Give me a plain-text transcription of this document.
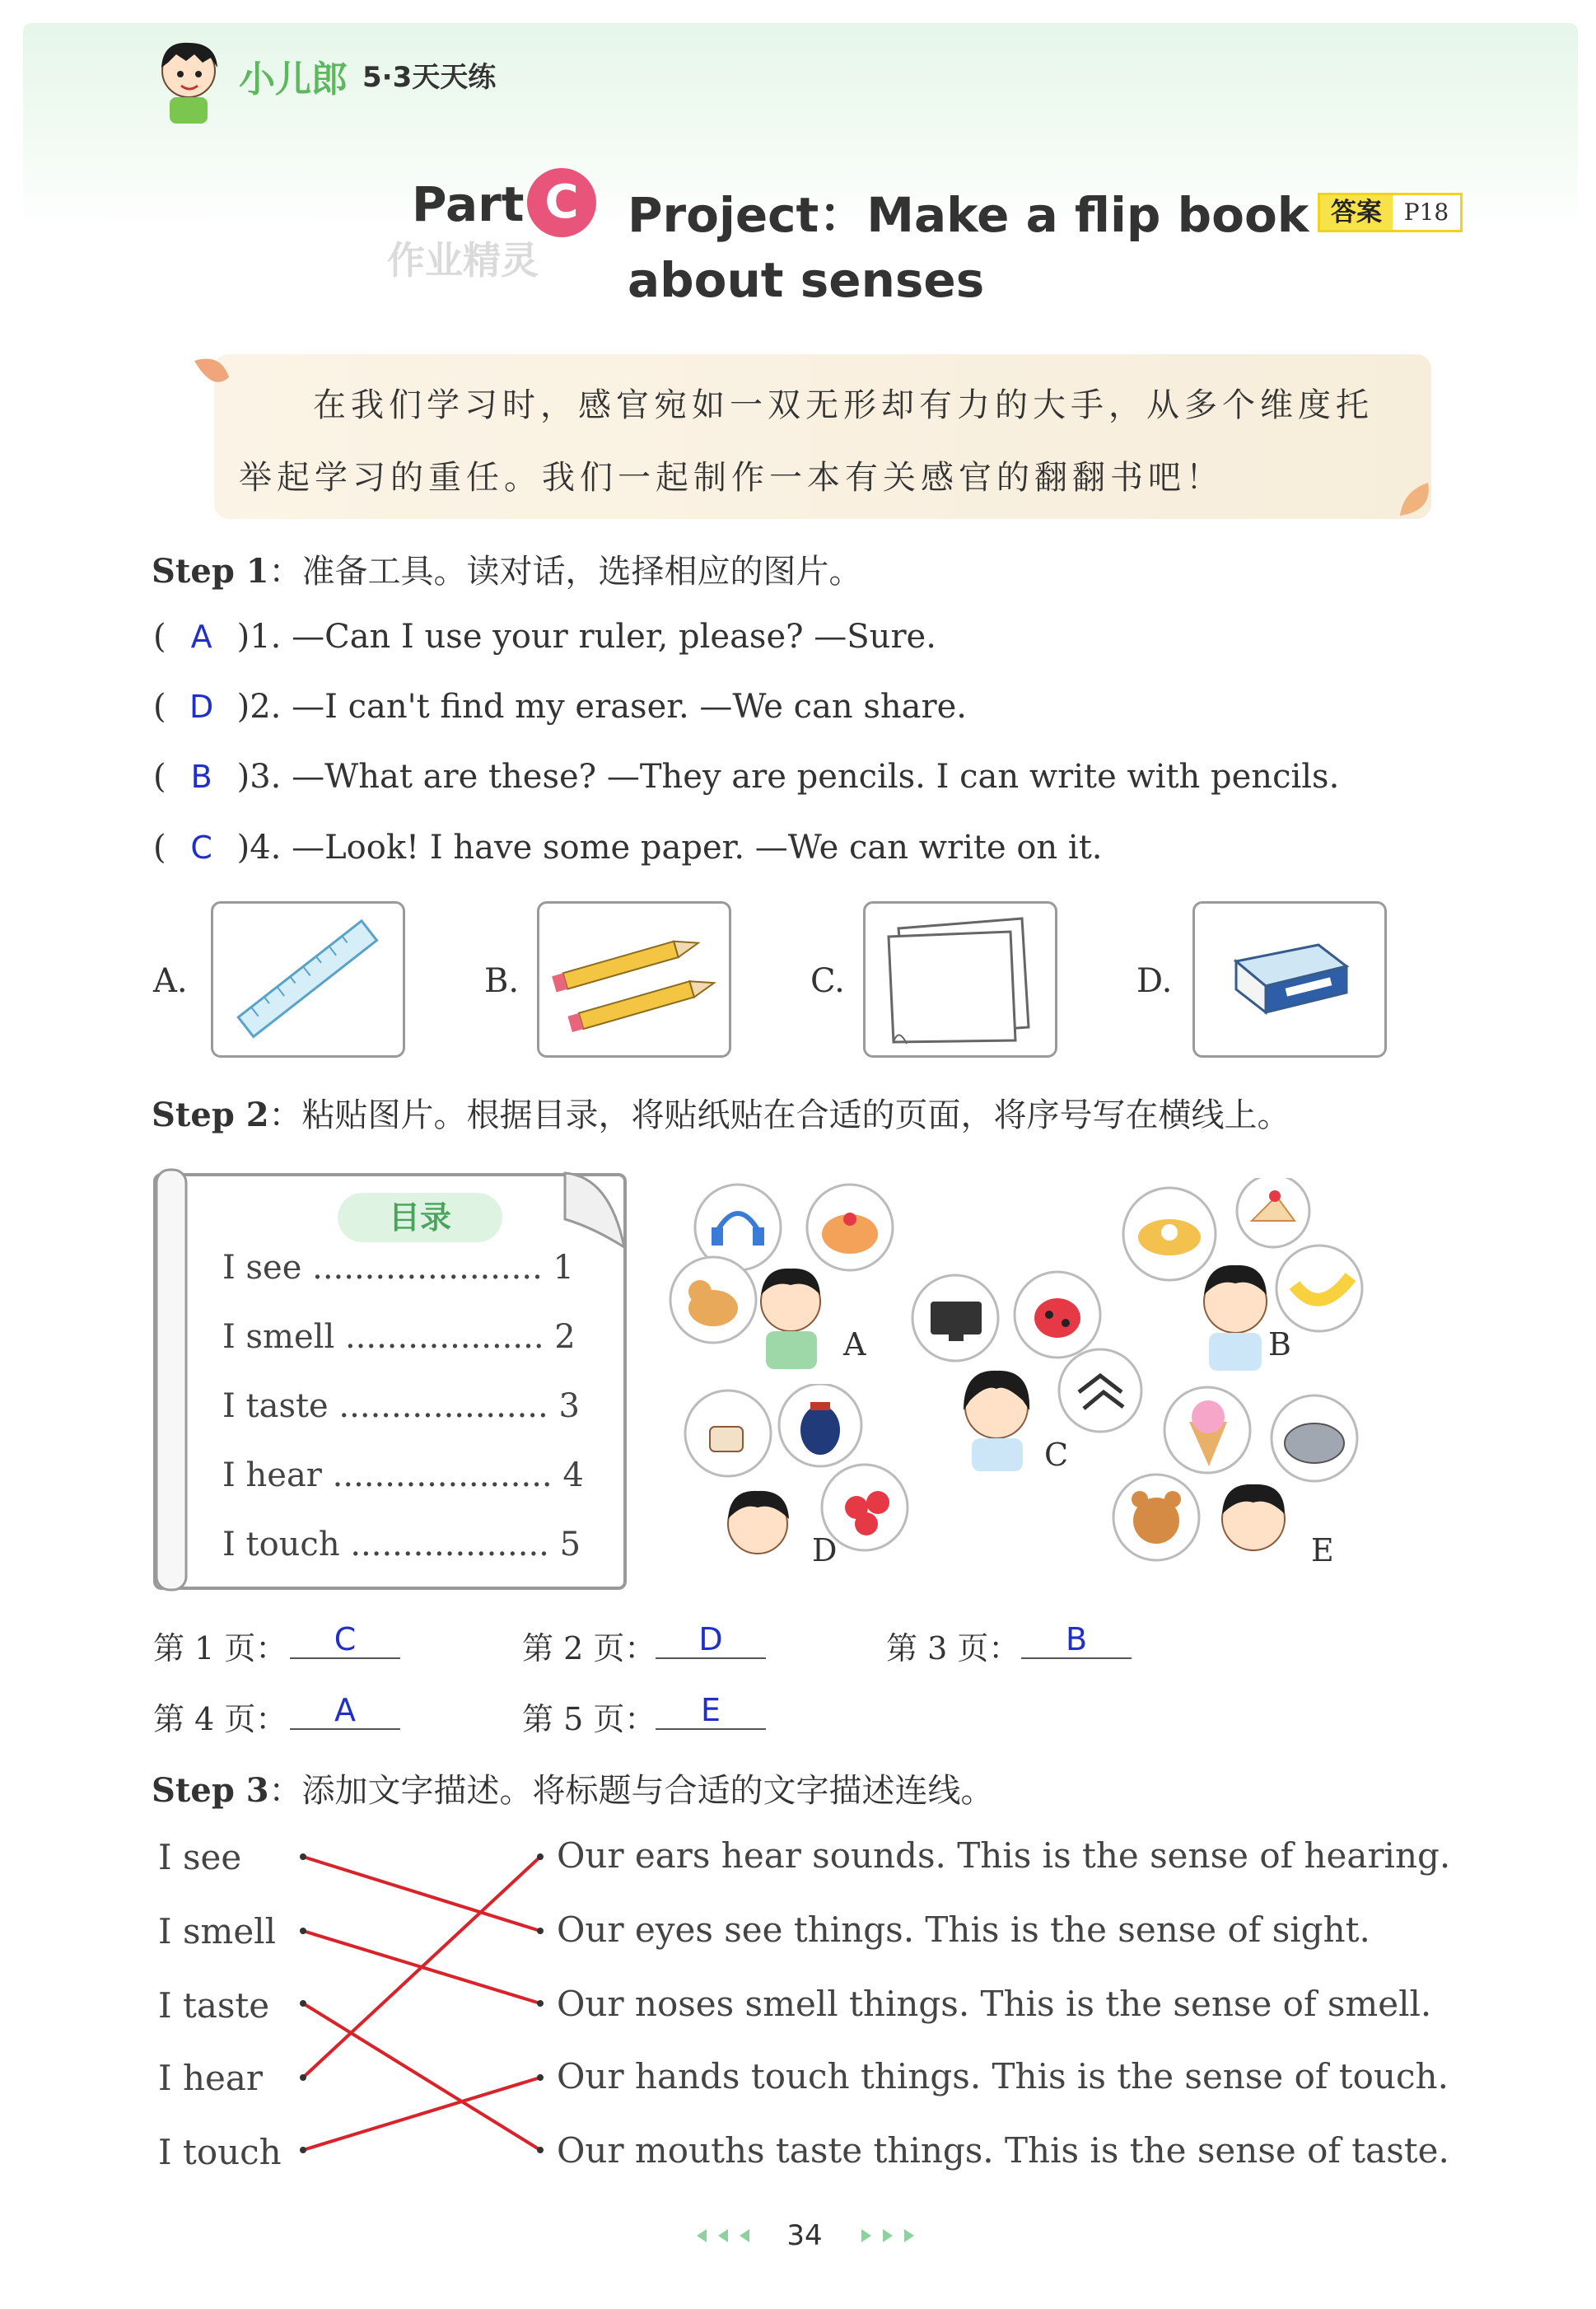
小儿郎 5·3天天练
Part C	Project：Make a flip book
about senses
作业精灵
答案 P18
在我们学习时，感官宛如一双无形却有力的大手，从多个维度托
举起学习的重任。我们一起制作一本有关感官的翻翻书吧！
Step 1：准备工具。读对话，选择相应的图片。
( A )1. —Can I use your ruler, please? —Sure.
( D )2. —I can't find my eraser. —We can share.
( B )3. —What are these? —They are pencils. I can write with pencils.
( C )4. —Look! I have some paper. —We can write on it.
A.	B.	C.	D.
Step 2：粘贴图片。根据目录，将贴纸贴在合适的页面，将序号写在横线上。
目录
I see ...................... 1
I smell ................... 2
I taste .................... 3
I hear ..................... 4
I touch ................... 5
A	B
C
D	E
第 1 页：	C	第 2 页：	D	第 3 页：	B
第 4 页：	A	第 5 页：	E
Step 3：添加文字描述。将标题与合适的文字描述连线。
I see
I smell
I taste
I hear
I touch
Our ears hear sounds. This is the sense of hearing.
Our eyes see things. This is the sense of sight.
Our noses smell things. This is the sense of smell.
Our hands touch things. This is the sense of touch.
Our mouths taste things. This is the sense of taste.
34
